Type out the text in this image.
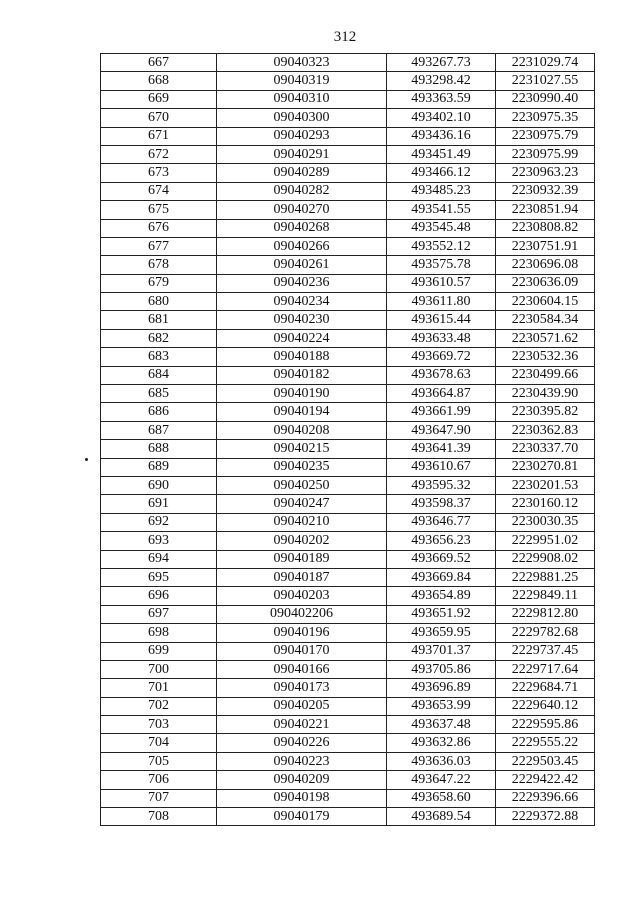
312
667	09040323	493267.73	2231029.74
668	09040319	493298.42	2231027.55
669	09040310	493363.59	2230990.40
670	09040300	493402.10	2230975.35
671	09040293	493436.16	2230975.79
672	09040291	493451.49	2230975.99
673	09040289	493466.12	2230963.23
674	09040282	493485.23	2230932.39
675	09040270	493541.55	2230851.94
676	09040268	493545.48	2230808.82
677	09040266	493552.12	2230751.91
678	09040261	493575.78	2230696.08
679	09040236	493610.57	2230636.09
680	09040234	493611.80	2230604.15
681	09040230	493615.44	2230584.34
682	09040224	493633.48	2230571.62
683	09040188	493669.72	2230532.36
684	09040182	493678.63	2230499.66
685	09040190	493664.87	2230439.90
686	09040194	493661.99	2230395.82
687	09040208	493647.90	2230362.83
688	09040215	493641.39	2230337.70
689	09040235	493610.67	2230270.81
690	09040250	493595.32	2230201.53
691	09040247	493598.37	2230160.12
692	09040210	493646.77	2230030.35
693	09040202	493656.23	2229951.02
694	09040189	493669.52	2229908.02
695	09040187	493669.84	2229881.25
696	09040203	493654.89	2229849.11
697	090402206	493651.92	2229812.80
698	09040196	493659.95	2229782.68
699	09040170	493701.37	2229737.45
700	09040166	493705.86	2229717.64
701	09040173	493696.89	2229684.71
702	09040205	493653.99	2229640.12
703	09040221	493637.48	2229595.86
704	09040226	493632.86	2229555.22
705	09040223	493636.03	2229503.45
706	09040209	493647.22	2229422.42
707	09040198	493658.60	2229396.66
708	09040179	493689.54	2229372.88
